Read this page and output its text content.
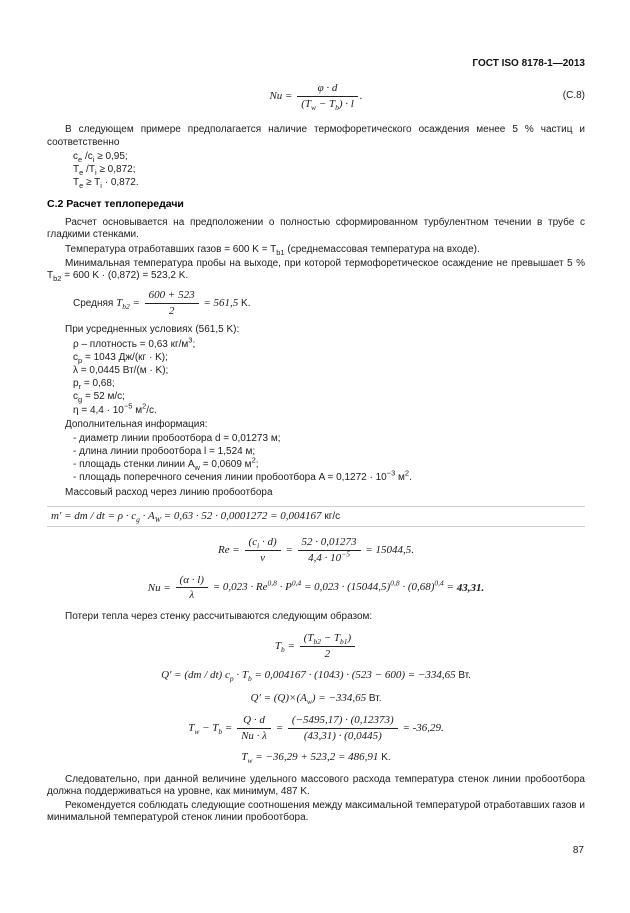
ГОСТ ISO 8178-1—2013
$Nu = \frac{\varphi \cdot d}{(T_w - T_b) \cdot l}$ .	(С.8)

В следующем примере предполагается наличие термофоретического осаждения менее 5 % частиц и соответственно

$c_e$ $/c_i \ge 0,95$;
$T_e$ $/T_i \ge 0,872$;
$T_e \ge T_i \cdot 0,872$.
С.2 Расчет теплопередачи

Расчет основывается на предположении о полностью сформированном турбулентном течении в трубе с гладкими стенками.

Температура отработавших газов = 600 $K = T_{b1}$ (среднемассовая температура на входе).

Минимальная температура пробы на выходе, при которой термофоретическое осаждение не превышает 5 % $T_{b2} = 600$ K · (0,872) = 523,2 K.

Средняя $T_{b2} = \frac{600 + 523}{2} = 561,5$ K.

При усредненных условиях (561,5 K):

ρ – плотность = 0,63 $кг/м^3$;
$c_p = 1043$ Дж/(кг · K);
λ = 0,0445 Вт/(м · K);
$p_r = 0,68$;
$c_g = 52$ м/с;
$\eta = 4,4 \cdot 10^{-5}$ $м^2/с$.

Дополнительная информация:

- диаметр линии пробоотбора d = 0,01273 м;
- длина линии пробоотбора l = 1,524 м;
- площадь стенки линии $A_w = 0,0609$ $м^2$;
- площадь поперечного сечения линии пробоотбора $A = 0,1272 \cdot 10^{-3}$ $м^2$.

Массовый расход через линию пробоотбора

m′ = dm / dt = $\rho \cdot c_g \cdot A_W = 0,63 \cdot 52 \cdot 0,0001272 = 0,004167$ кг/с
$Re = \frac{(c_i \cdot d)}{\nu} = \frac{52 \cdot 0,01273}{4,4 \cdot 10^{-5}} = 15044,5$.
$Nu = \frac{(\alpha \cdot l)}{\lambda} = 0,023 \cdot Re^{0,8} \cdot P^{0,4} = 0,023 \cdot (15044,5)^{0,8} \cdot (0,68)^{0,4} = 43,31$.

Потери тепла через стенку рассчитываются следующим образом:

$T_b = \frac{(T_{b2} - T_{b1})}{2}$
Q′ = (dm / dt) $c_p \cdot T_b = 0,004167 \cdot (1043) \cdot (523 - 600) = -334,65$ Вт.
$Q' = (Q)\times(A_w) = -334,65$ Вт.
$T_w - T_b = \frac{Q \cdot d}{Nu \cdot \lambda} = \frac{(-5495,17) \cdot (0,12373)}{(43,31) \cdot (0,0445)} = -36,29$.
$T_w = -36,29 + 523,2 = 486,91$ K.

Следовательно, при данной величине удельного массового расхода температура стенок линии пробоотбора должна поддерживаться на уровне, как минимум, 487 K.

Рекомендуется соблюдать следующие соотношения между максимальной температурой отработавших газов и минимальной температурой стенок линии пробоотбора.

87
